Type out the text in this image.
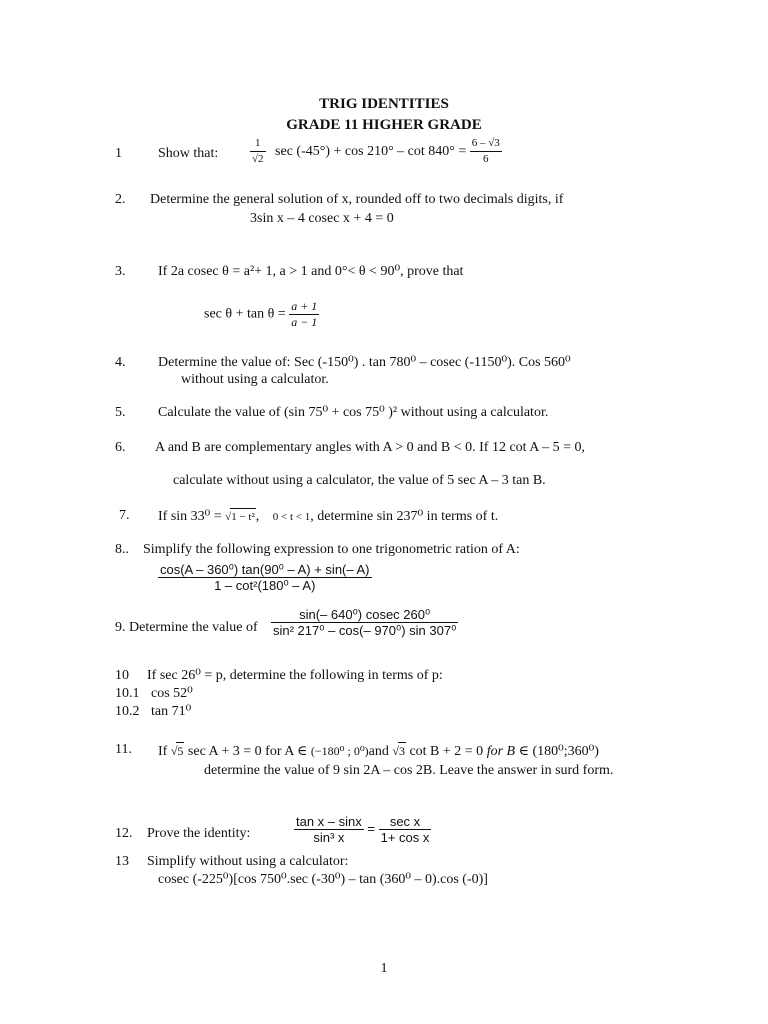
TRIG IDENTITIES
GRADE 11 HIGHER GRADE
1	Show that:	$\frac{1}{√2}$ $\sec (-45^\circ) + \cos 210^\circ - \cot 840^\circ = \frac{6 - √3}{6}$
2. Determine the general solution of x, rounded off to two decimals digits, if
3sin x – 4 cosec x + 4 = 0
3. If 2a cosec θ = a²+ 1, a > 1 and 0°< θ < 90⁰, prove that
$\sec \theta + \tan \theta = \frac{a + 1}{a - 1}$
4. Determine the value of: Sec (-150⁰) . tan 780⁰ – cosec (-1150⁰). Cos 560⁰
without using a calculator.
5. Calculate the value of (sin 75⁰ + cos 75⁰ )² without using a calculator.
6. A and B are complementary angles with A > 0 and B < 0. If 12 cot A – 5 = 0,
calculate without using a calculator, the value of 5 sec A – 3 tan B.
7. If sin 33⁰ = √1 − t², 0 < t < 1, determine sin 237⁰ in terms of t.
8.. Simplify the following expression to one trigonometric ration of A:
$\frac{\text{cos(A – 360⁰) tan(90⁰ – A) + sin(– A)}}{\text{1 – cot²(180⁰ – A)}}$
9. Determine the value of $\frac{\text{sin(– 640⁰) cosec 260⁰}}{\text{sin² 217⁰ – cos(– 970⁰) sin 307⁰}}$
10 If sec 26⁰ = p, determine the following in terms of p:
10.1 cos 52⁰
10.2 tan 71⁰
11. If √5 sec A + 3 = 0 for A ∈ (−180⁰ ; 0⁰)and √3 cot B + 2 = 0 for B ∈ (180⁰;360⁰)
determine the value of 9 sin 2A – cos 2B. Leave the answer in surd form.
12. Prove the identity:	$\frac{\text{tan x – sinx}}{\text{sin³ x}} = \frac{\text{sec x}}{\text{1+ cos x}}$
13 Simplify without using a calculator:
cosec (-225⁰)[cos 750⁰.sec (-30⁰) – tan (360⁰ – 0).cos (-0)]
1
